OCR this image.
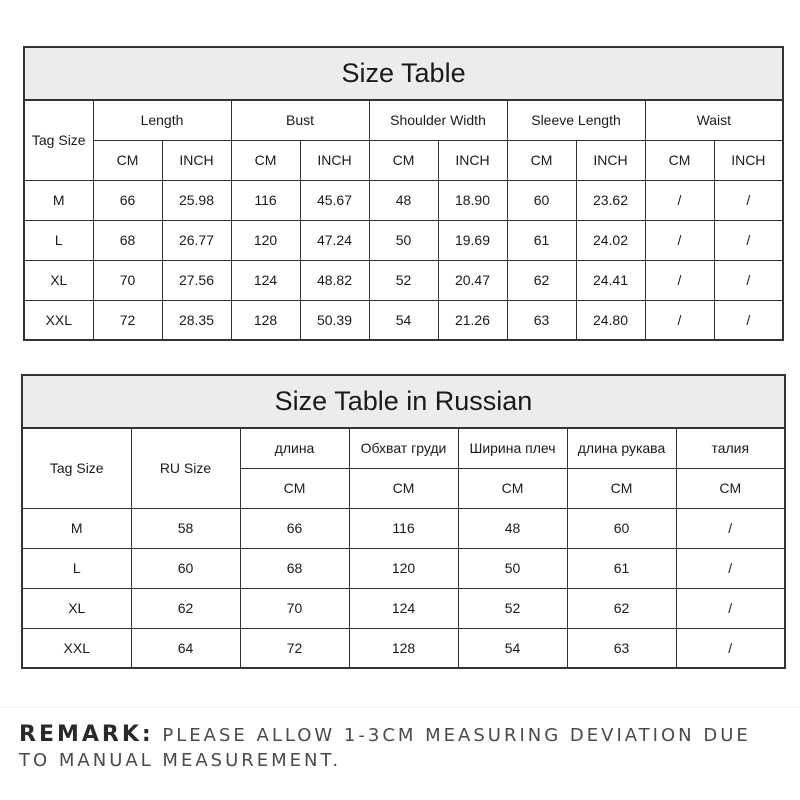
Size Table										
Tag Size	Length		Bust		Shoulder Width		Sleeve Length		Waist	
	CM	INCH	CM	INCH	CM	INCH	CM	INCH	CM	INCH
M	66	25.98	116	45.67	48	18.90	60	23.62	/	/
L	68	26.77	120	47.24	50	19.69	61	24.02	/	/
XL	70	27.56	124	48.82	52	20.47	62	24.41	/	/
XXL	72	28.35	128	50.39	54	21.26	63	24.80	/	/
Size Table in Russian						
Tag Size	RU Size	длина	Обхват груди	Ширина плеч	длина рукава	талия
		CM	CM	CM	CM	CM
M	58	66	116	48	60	/
L	60	68	120	50	61	/
XL	62	70	124	52	62	/
XXL	64	72	128	54	63	/
REMARK: PLEASE ALLOW 1-3CM MEASURING DEVIATION DUE TO MANUAL MEASUREMENT.
